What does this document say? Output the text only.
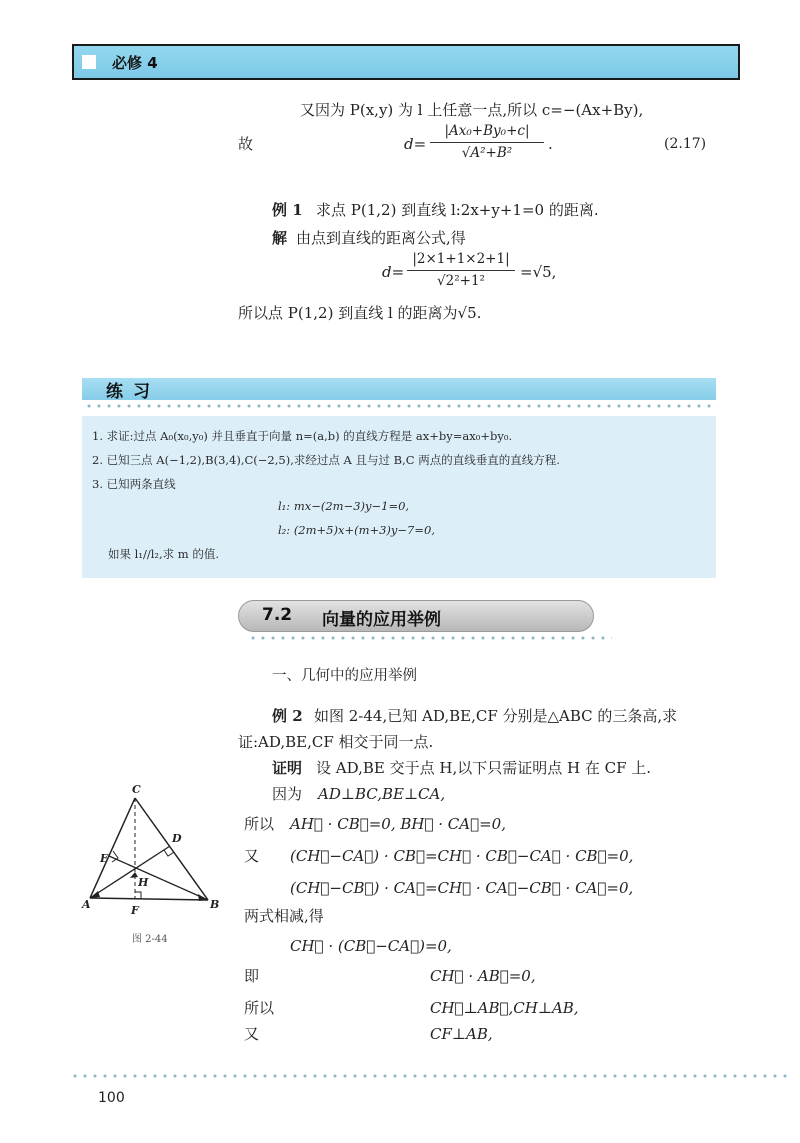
必修 4
又因为 P(x,y) 为 l 上任意一点,所以 c=−(Ax+By),
故	d=
|Ax₀+By₀+c|
√A²+B²	.	(2.17)
例 1 求点 P(1,2) 到直线 l:2x+y+1=0 的距离.
解 由点到直线的距离公式,得
d=
|2×1+1×2+1|
√2²+1²	=√5,
所以点 P(1,2) 到直线 l 的距离为√5.
练习
1. 求证:过点 A₀(x₀,y₀) 并且垂直于向量 n=(a,b) 的直线方程是 ax+by=ax₀+by₀.
2. 已知三点 A(−1,2),B(3,4),C(−2,5),求经过点 A 且与过 B,C 两点的直线垂直的直线方程.
3. 已知两条直线
l₁: mx−(2m−3)y−1=0,
l₂: (2m+5)x+(m+3)y−7=0,
如果 l₁//l₂,求 m 的值.
7.2 向量的应用举例
一、几何中的应用举例
例 2 如图 2-44,已知 AD,BE,CF 分别是△ABC 的三条高,求
证:AD,BE,CF 相交于同一点.
证明 设 AD,BE 交于点 H,以下只需证明点 H 在 CF 上.
因为 AD⊥BC,BE⊥CA,
所以 AH⃗ · CB⃗=0, BH⃗ · CA⃗=0,
又 (CH⃗−CA⃗) · CB⃗=CH⃗ · CB⃗−CA⃗ · CB⃗=0,
(CH⃗−CB⃗) · CA⃗=CH⃗ · CA⃗−CB⃗ · CA⃗=0,
两式相减,得
CH⃗ · (CB⃗−CA⃗)=0,
即	CH⃗ · AB⃗=0,
所以	CH⃗⊥AB⃗,CH⊥AB,
又	CF⊥AB,
C
D
E
H
A	B
F
图 2-44
100
